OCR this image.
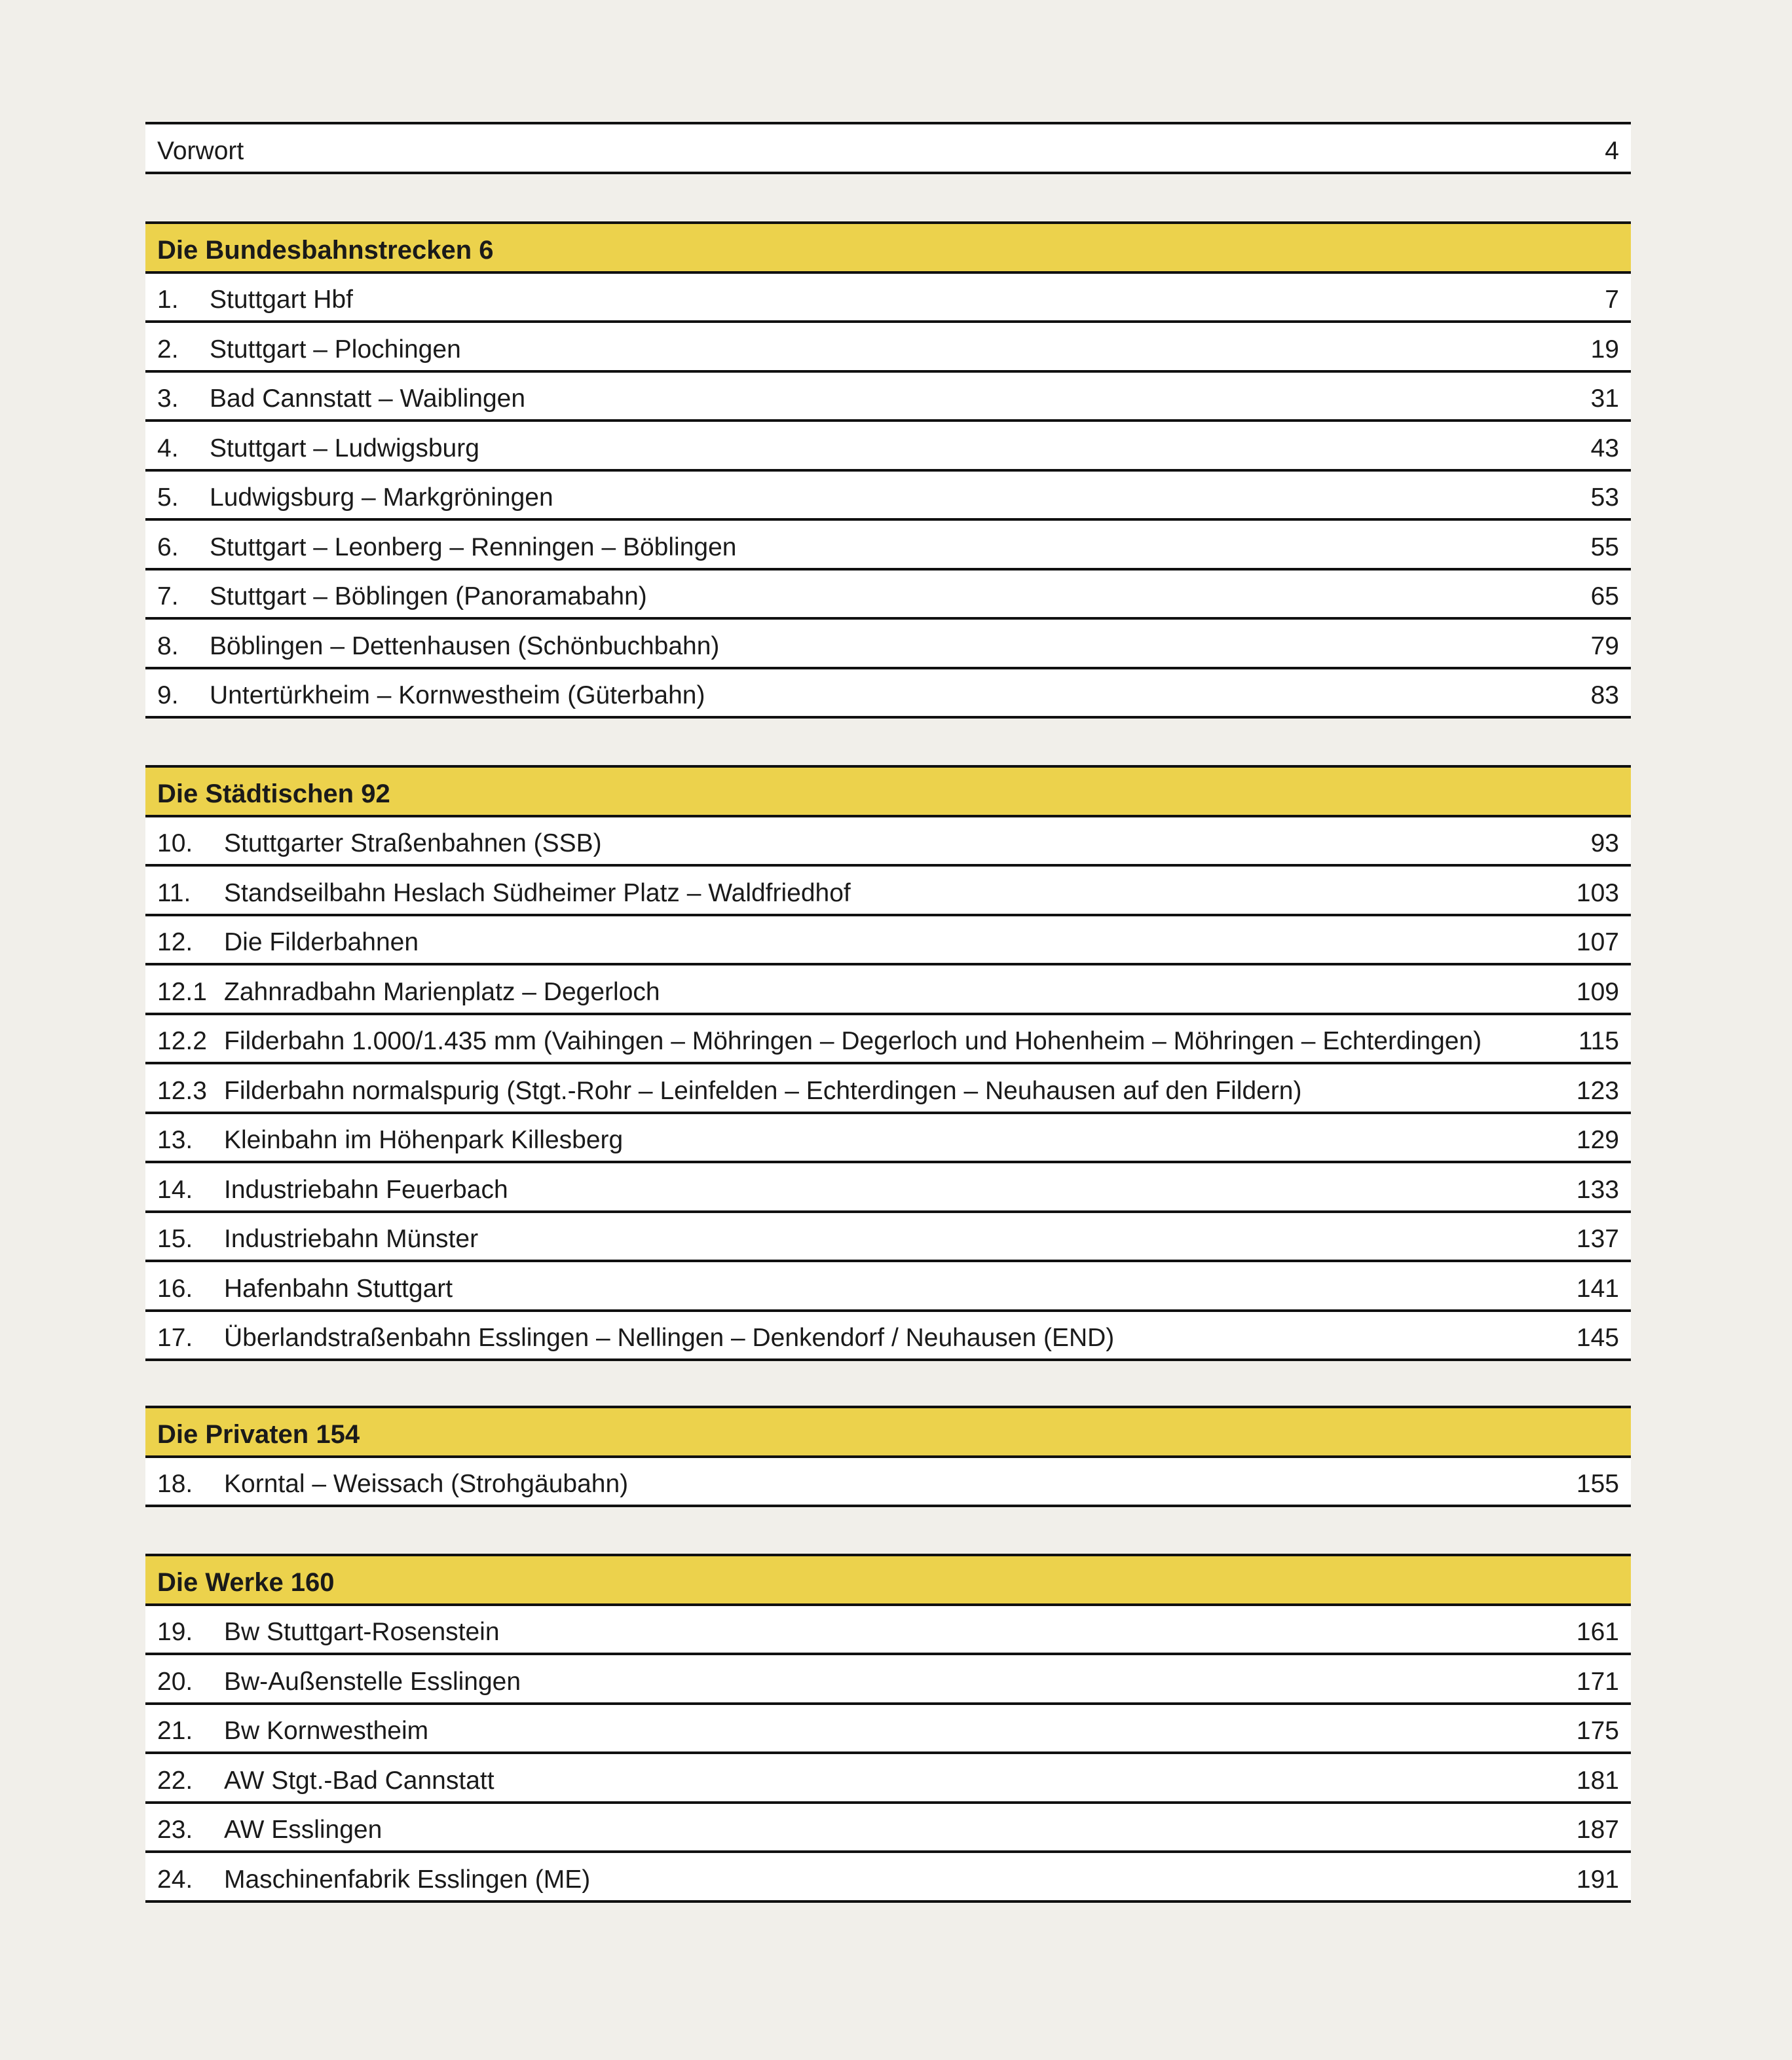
Vorwort	4
Die Bundesbahnstrecken 6
1.	Stuttgart Hbf	7
2.	Stuttgart – Plochingen	19
3.	Bad Cannstatt – Waiblingen	31
4.	Stuttgart – Ludwigsburg	43
5.	Ludwigsburg – Markgröningen	53
6.	Stuttgart – Leonberg – Renningen – Böblingen	55
7.	Stuttgart – Böblingen (Panoramabahn)	65
8.	Böblingen – Dettenhausen (Schönbuchbahn)	79
9.	Untertürkheim – Kornwestheim (Güterbahn)	83
Die Städtischen 92
10.	Stuttgarter Straßenbahnen (SSB)	93
11.	Standseilbahn Heslach Südheimer Platz – Waldfriedhof	103
12.	Die Filderbahnen	107
12.1 Zahnradbahn Marienplatz – Degerloch	109
12.2 Filderbahn 1.000/1.435 mm (Vaihingen – Möhringen – Degerloch und Hohenheim – Möhringen – Echterdingen)	115
12.3 Filderbahn normalspurig (Stgt.-Rohr – Leinfelden – Echterdingen – Neuhausen auf den Fildern)	123
13.	Kleinbahn im Höhenpark Killesberg	129
14.	Industriebahn Feuerbach	133
15.	Industriebahn Münster	137
16.	Hafenbahn Stuttgart	141
17.	Überlandstraßenbahn Esslingen – Nellingen – Denkendorf / Neuhausen (END)	145
Die Privaten 154
18.	Korntal – Weissach (Strohgäubahn)	155
Die Werke 160
19.	Bw Stuttgart-Rosenstein	161
20.	Bw-Außenstelle Esslingen	171
21.	Bw Kornwestheim	175
22.	AW Stgt.-Bad Cannstatt	181
23.	AW Esslingen	187
24.	Maschinenfabrik Esslingen (ME)	191
